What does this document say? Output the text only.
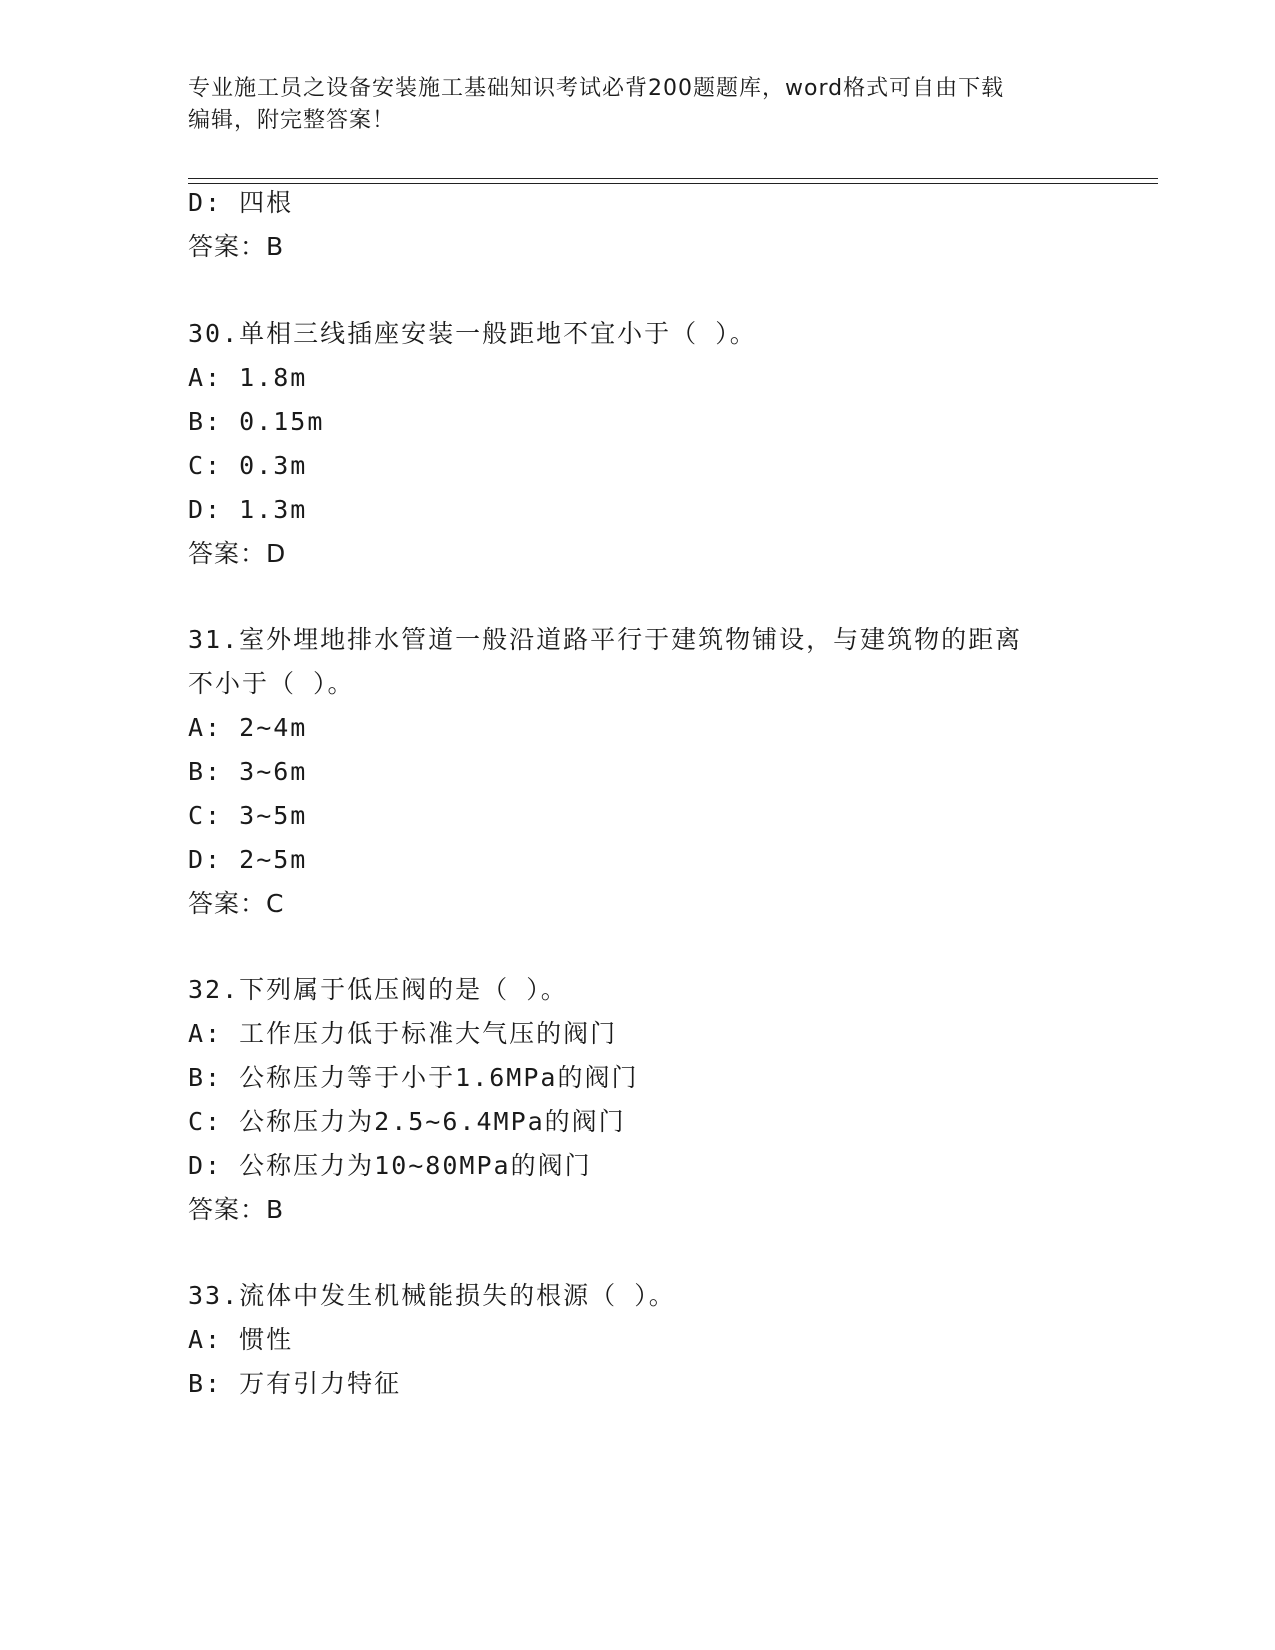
专业施工员之设备安装施工基础知识考试必背200题题库，word格式可自由下载
编辑，附完整答案！
D: 四根
答案：B
30.单相三线插座安装一般距地不宜小于（ ）。
A: 1.8m
B: 0.15m
C: 0.3m
D: 1.3m
答案：D
31.室外埋地排水管道一般沿道路平行于建筑物铺设，与建筑物的距离
不小于（ ）。
A: 2~4m
B: 3~6m
C: 3~5m
D: 2~5m
答案：C
32.下列属于低压阀的是（ ）。
A: 工作压力低于标准大气压的阀门
B: 公称压力等于小于1.6MPa的阀门
C: 公称压力为2.5~6.4MPa的阀门
D: 公称压力为10~80MPa的阀门
答案：B
33.流体中发生机械能损失的根源（ ）。
A: 惯性
B: 万有引力特征
